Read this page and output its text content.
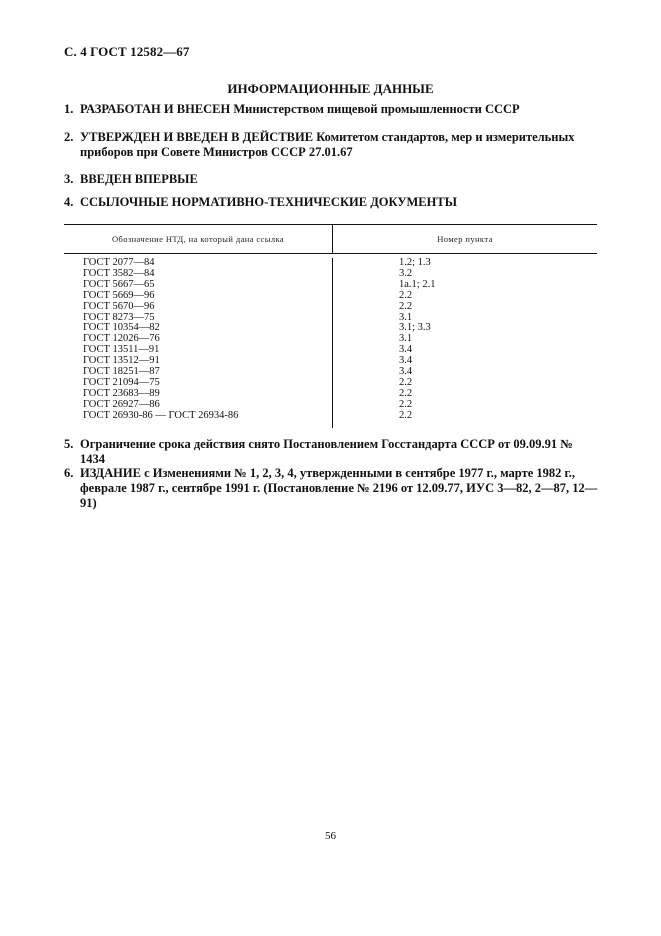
С. 4 ГОСТ 12582—67
ИНФОРМАЦИОННЫЕ ДАННЫЕ
1. РАЗРАБОТАН И ВНЕСЕН Министерством пищевой промышленности СССР
2. УТВЕРЖДЕН И ВВЕДЕН В ДЕЙСТВИЕ Комитетом стандартов, мер и измерительных приборов при Совете Министров СССР 27.01.67
3. ВВЕДЕН ВПЕРВЫЕ
4. ССЫЛОЧНЫЕ НОРМАТИВНО-ТЕХНИЧЕСКИЕ ДОКУМЕНТЫ
Обозначение НТД, на который дана ссылка	Номер пункта
ГОСТ 2077—84
ГОСТ 3582—84
ГОСТ 5667—65
ГОСТ 5669—96
ГОСТ 5670—96
ГОСТ 8273—75
ГОСТ 10354—82
ГОСТ 12026—76
ГОСТ 13511—91
ГОСТ 13512—91
ГОСТ 18251—87
ГОСТ 21094—75
ГОСТ 23683—89
ГОСТ 26927—86
ГОСТ 26930-86 — ГОСТ 26934-86
1.2; 1.3
3.2
1а.1; 2.1
2.2
2.2
3.1
3.1; 3.3
3.1
3.4
3.4
3.4
2.2
2.2
2.2
2.2
5. Ограничение срока действия снято Постановлением Госстандарта СССР от 09.09.91 № 1434
6. ИЗДАНИЕ с Изменениями № 1, 2, 3, 4, утвержденными в сентябре 1977 г., марте 1982 г., феврале 1987 г., сентябре 1991 г. (Постановление № 2196 от 12.09.77, ИУС 3—82, 2—87, 12—91)
56
